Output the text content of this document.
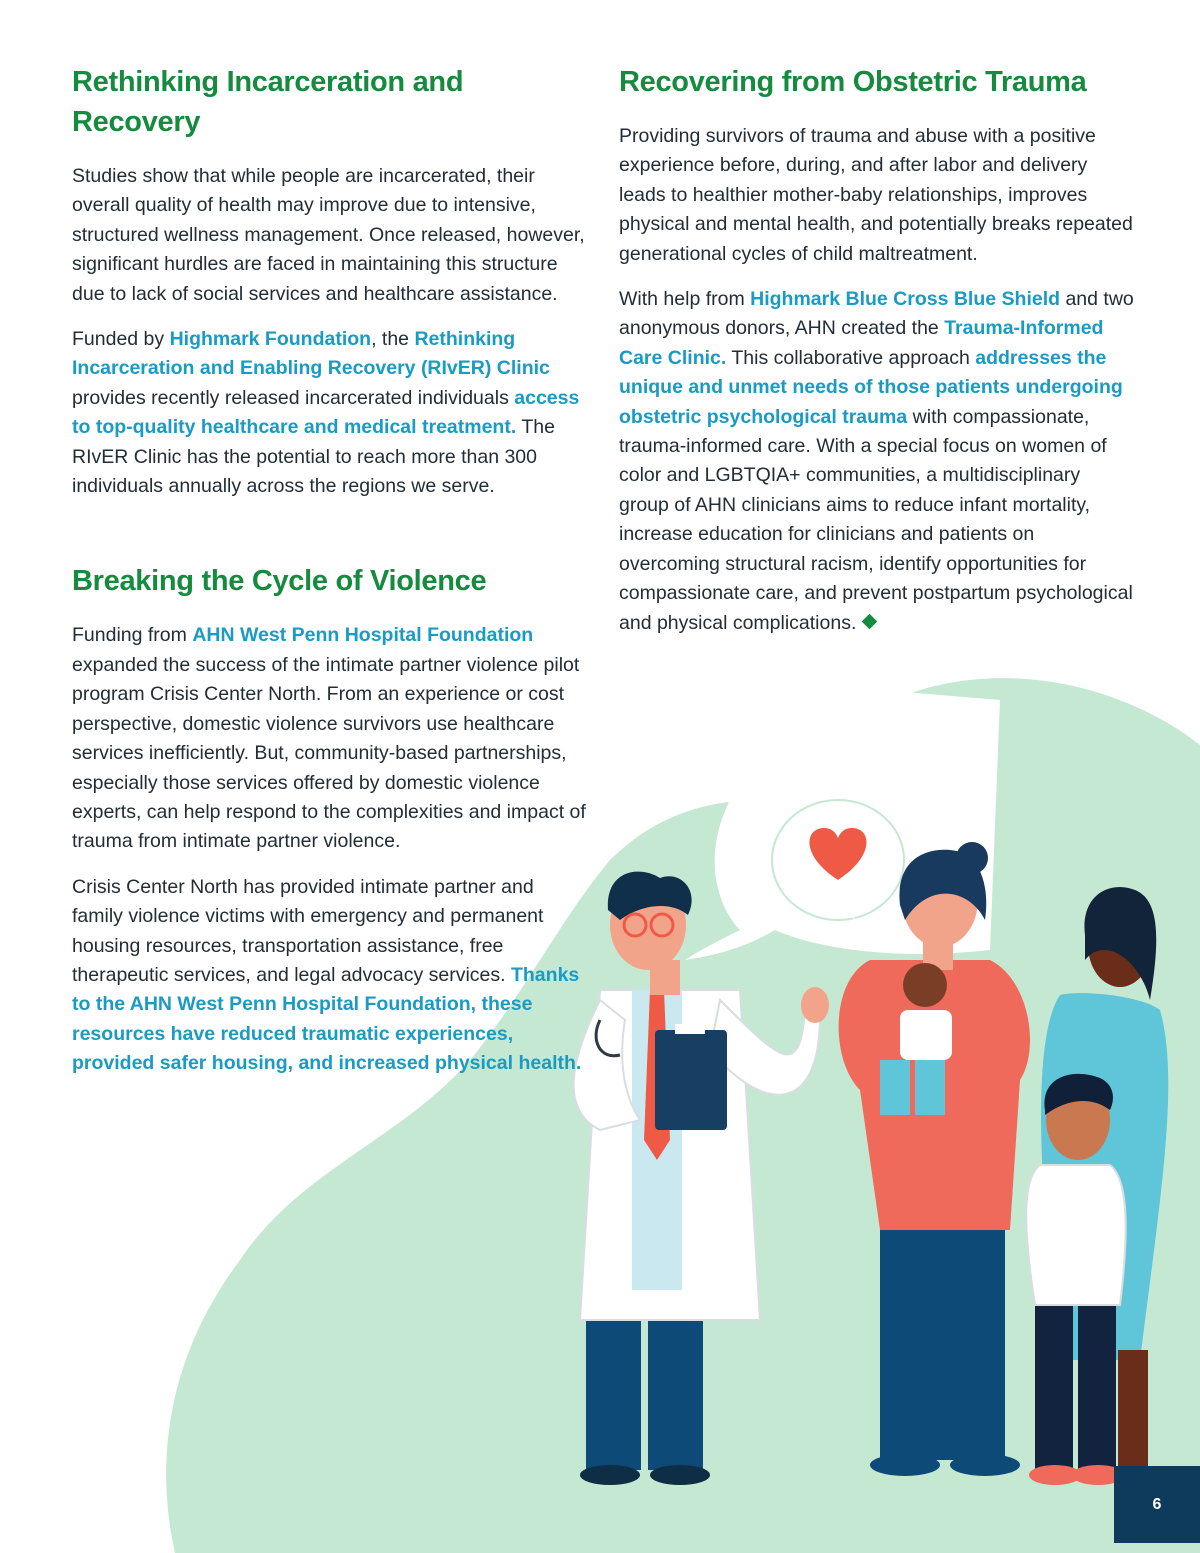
Rethinking Incarceration and Recovery

Studies show that while people are incarcerated, their overall quality of health may improve due to intensive, structured wellness management. Once released, however, significant hurdles are faced in maintaining this structure due to lack of social services and healthcare assistance.

Funded by Highmark Foundation, the Rethinking Incarceration and Enabling Recovery (RIvER) Clinic provides recently released incarcerated individuals access to top-quality healthcare and medical treatment. The RIvER Clinic has the potential to reach more than 300 individuals annually across the regions we serve.

Breaking the Cycle of Violence

Funding from AHN West Penn Hospital Foundation expanded the success of the intimate partner violence pilot program Crisis Center North. From an experience or cost perspective, domestic violence survivors use healthcare services inefficiently. But, community-based partnerships, especially those services offered by domestic violence experts, can help respond to the complexities and impact of trauma from intimate partner violence.

Crisis Center North has provided intimate partner and family violence victims with emergency and permanent housing resources, transportation assistance, free therapeutic services, and legal advocacy services. Thanks to the AHN West Penn Hospital Foundation, these resources have reduced traumatic experiences, provided safer housing, and increased physical health.

Recovering from Obstetric Trauma

Providing survivors of trauma and abuse with a positive experience before, during, and after labor and delivery leads to healthier mother-baby relationships, improves physical and mental health, and potentially breaks repeated generational cycles of child maltreatment.

With help from Highmark Blue Cross Blue Shield and two anonymous donors, AHN created the Trauma-Informed Care Clinic. This collaborative approach addresses the unique and unmet needs of those patients undergoing obstetric psychological trauma with compassionate, trauma-informed care. With a special focus on women of color and LGBTQIA+ communities, a multidisciplinary group of AHN clinicians aims to reduce infant mortality, increase education for clinicians and patients on overcoming structural racism, identify opportunities for compassionate care, and prevent postpartum psychological and physical complications.

6
